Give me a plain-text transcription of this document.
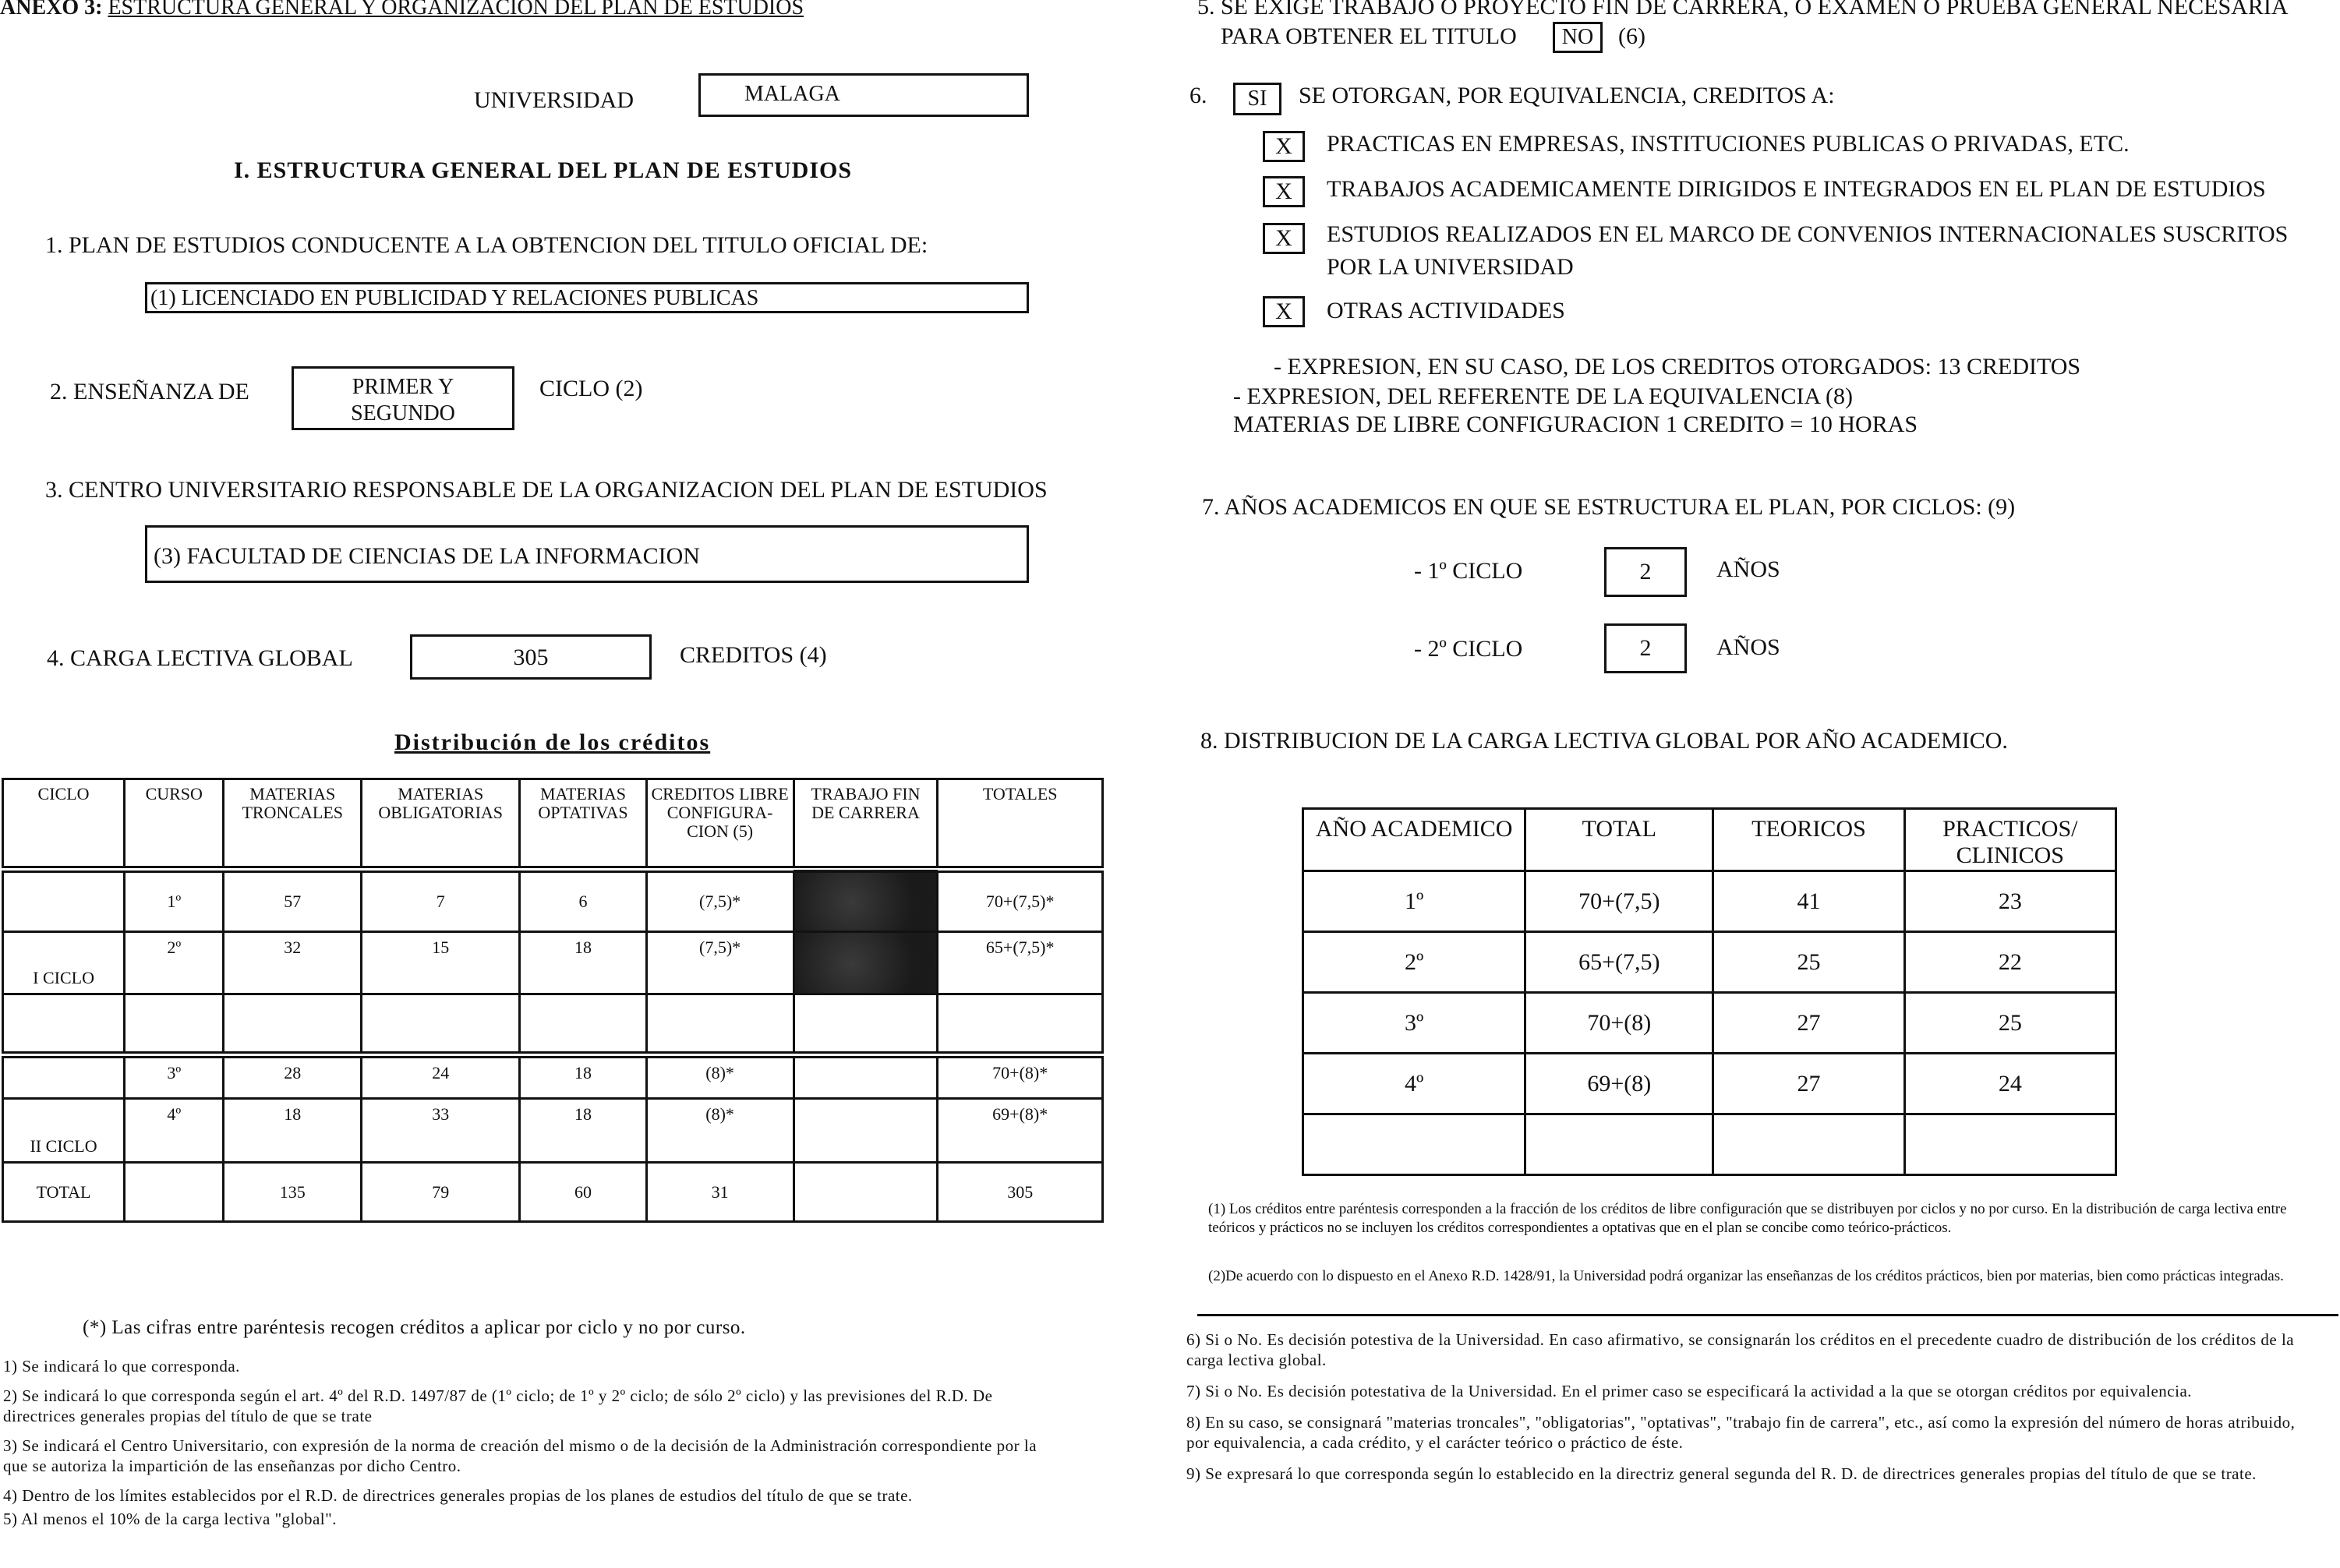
ANEXO 3: ESTRUCTURA GENERAL Y ORGANIZACION DEL PLAN DE ESTUDIOS
UNIVERSIDAD	MALAGA
I. ESTRUCTURA GENERAL DEL PLAN DE ESTUDIOS
1. PLAN DE ESTUDIOS CONDUCENTE A LA OBTENCION DEL TITULO OFICIAL DE:
(1) LICENCIADO EN PUBLICIDAD Y RELACIONES PUBLICAS
2. ENSEÑANZA DE	PRIMER Y
SEGUNDO
CICLO (2)
3. CENTRO UNIVERSITARIO RESPONSABLE DE LA ORGANIZACION DEL PLAN DE ESTUDIOS
(3) FACULTAD DE CIENCIAS DE LA INFORMACION
4. CARGA LECTIVA GLOBAL	305	CREDITOS (4)
Distribución de los créditos
CICLO	CURSO	MATERIAS TRONCALES	MATERIAS OBLIGATORIAS	MATERIAS OPTATIVAS	CREDITOS LIBRE CONFIGURA-CION (5)	TRABAJO FIN DE CARRERA	TOTALES
	1º	57	7	6	(7,5)*		70+(7,5)*
I CICLO	2º	32	15	18	(7,5)*		65+(7,5)*

	3º	28	24	18	(8)*		70+(8)*
II CICLO	4º	18	33	18	(8)*		69+(8)*
TOTAL		135	79	60	31		305
(*) Las cifras entre paréntesis recogen créditos a aplicar por ciclo y no por curso.
1) Se indicará lo que corresponda.
2) Se indicará lo que corresponda según el art. 4º del R.D. 1497/87 de (1º ciclo; de 1º y 2º ciclo; de sólo 2º ciclo) y las previsiones del R.D. De directrices generales propias del título de que se trate
3) Se indicará el Centro Universitario, con expresión de la norma de creación del mismo o de la decisión de la Administración correspondiente por la que se autoriza la impartición de las enseñanzas por dicho Centro.
4) Dentro de los límites establecidos por el R.D. de directrices generales propias de los planes de estudios del título de que se trate.
5) Al menos el 10% de la carga lectiva "global".
5. SE EXIGE TRABAJO O PROYECTO FIN DE CARRERA, O EXAMEN O PRUEBA GENERAL NECESARIA
PARA OBTENER EL TITULO	NO	(6)
6.	SI	SE OTORGAN, POR EQUIVALENCIA, CREDITOS A:
X	PRACTICAS EN EMPRESAS, INSTITUCIONES PUBLICAS O PRIVADAS, ETC.
X	TRABAJOS ACADEMICAMENTE DIRIGIDOS E INTEGRADOS EN EL PLAN DE ESTUDIOS
X	ESTUDIOS REALIZADOS EN EL MARCO DE CONVENIOS INTERNACIONALES SUSCRITOS
POR LA UNIVERSIDAD
X	OTRAS ACTIVIDADES
- EXPRESION, EN SU CASO, DE LOS CREDITOS OTORGADOS: 13 CREDITOS
- EXPRESION, DEL REFERENTE DE LA EQUIVALENCIA (8)
MATERIAS DE LIBRE CONFIGURACION 1 CREDITO = 10 HORAS
7. AÑOS ACADEMICOS EN QUE SE ESTRUCTURA EL PLAN, POR CICLOS: (9)
- 1º CICLO	2	AÑOS
- 2º CICLO	2	AÑOS
8. DISTRIBUCION DE LA CARGA LECTIVA GLOBAL POR AÑO ACADEMICO.
AÑO ACADEMICO	TOTAL	TEORICOS	PRACTICOS/ CLINICOS
1º	70+(7,5)	41	23
2º	65+(7,5)	25	22
3º	70+(8)	27	25
4º	69+(8)	27	24

(1) Los créditos entre paréntesis corresponden a la fracción de los créditos de libre configuración que se distribuyen por ciclos y no por curso. En la distribución de carga lectiva entre teóricos y prácticos no se incluyen los créditos correspondientes a optativas que en el plan se concibe como teórico-prácticos.
(2)De acuerdo con lo dispuesto en el Anexo R.D. 1428/91, la Universidad podrá organizar las enseñanzas de los créditos prácticos, bien por materias, bien como prácticas integradas.
6) Si o No. Es decisión potestiva de la Universidad. En caso afirmativo, se consignarán los créditos en el precedente cuadro de distribución de los créditos de la carga lectiva global.
7) Si o No. Es decisión potestativa de la Universidad. En el primer caso se especificará la actividad a la que se otorgan créditos por equivalencia.
8) En su caso, se consignará "materias troncales", "obligatorias", "optativas", "trabajo fin de carrera", etc., así como la expresión del número de horas atribuido, por equivalencia, a cada crédito, y el carácter teórico o práctico de éste.
9) Se expresará lo que corresponda según lo establecido en la directriz general segunda del R. D. de directrices generales propias del título de que se trate.
